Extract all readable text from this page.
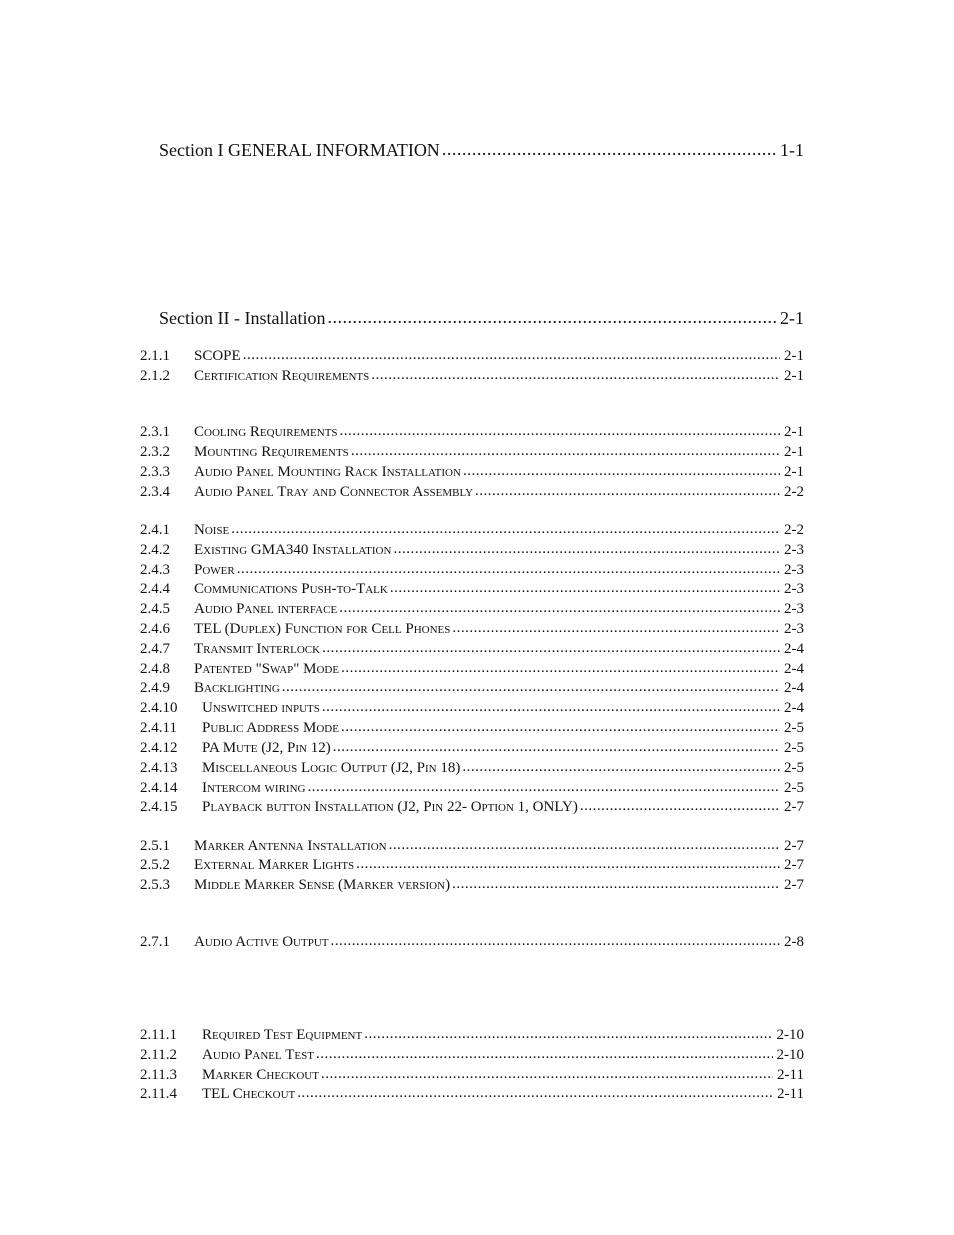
Section I GENERAL INFORMATION .....	1-1
Section II - Installation .....	2-1
2.1.1	SCOPE .....	2-1
2.1.2	Certification Requirements .....	2-1
2.3.1	Cooling Requirements .....	2-1
2.3.2	Mounting Requirements .....	2-1
2.3.3	Audio Panel Mounting Rack Installation .....	2-1
2.3.4	Audio Panel Tray and Connector Assembly .....	2-2
2.4.1	Noise .....	2-2
2.4.2	Existing GMA340 Installation .....	2-3
2.4.3	Power .....	2-3
2.4.4	Communications Push-to-Talk .....	2-3
2.4.5	Audio Panel interface .....	2-3
2.4.6	TEL (Duplex) Function for Cell Phones .....	2-3
2.4.7	Transmit Interlock .....	2-4
2.4.8	Patented "Swap" Mode .....	2-4
2.4.9	Backlighting .....	2-4
2.4.10	Unswitched inputs .....	2-4
2.4.11	Public Address Mode .....	2-5
2.4.12	PA Mute (J2, Pin 12) .....	2-5
2.4.13	Miscellaneous Logic Output (J2, Pin 18) .....	2-5
2.4.14	Intercom wiring .....	2-5
2.4.15	Playback button Installation (J2, Pin 22- Option 1, ONLY) .....	2-7
2.5.1	Marker Antenna Installation .....	2-7
2.5.2	External Marker Lights .....	2-7
2.5.3	Middle Marker Sense (Marker version) .....	2-7
2.7.1	Audio Active Output .....	2-8
2.11.1	Required Test Equipment .....	2-10
2.11.2	Audio Panel Test .....	2-10
2.11.3	Marker Checkout .....	2-11
2.11.4	TEL Checkout .....	2-11
